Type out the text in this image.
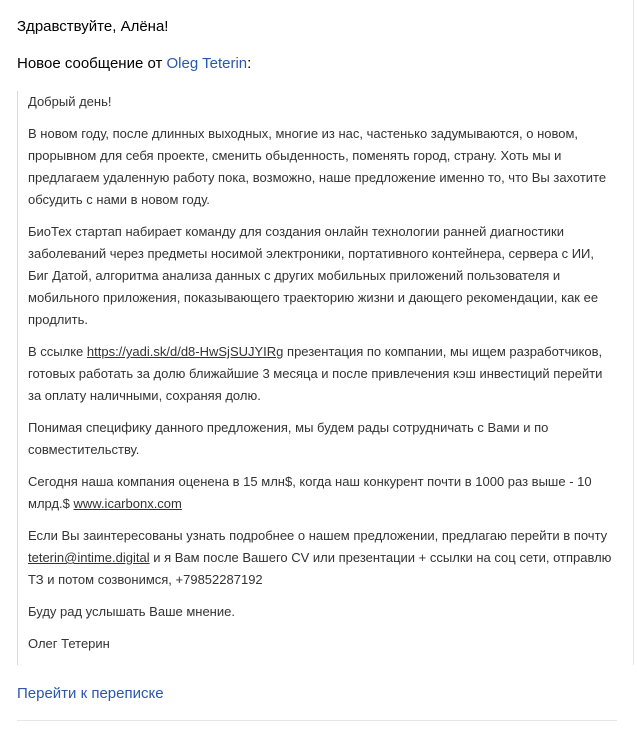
Здравствуйте, Алёна!

Новое сообщение от Oleg Teterin:

Добрый день!

В новом году, после длинных выходных, многие из нас, частенько задумываются, о новом, прорывном для себя проекте, сменить обыденность, поменять город, страну. Хоть мы и предлагаем удаленную работу пока, возможно, наше предложение именно то, что Вы захотите обсудить с нами в новом году.

БиоТех стартап набирает команду для создания онлайн технологии ранней диагностики заболеваний через предметы носимой электроники, портативного контейнера, сервера с ИИ, Биг Датой, алгоритма анализа данных с других мобильных приложений пользователя и мобильного приложения, показывающего траекторию жизни и дающего рекомендации, как ее продлить.

В ссылке https://yadi.sk/d/d8-HwSjSUJYIRg презентация по компании, мы ищем разработчиков, готовых работать за долю ближайшие 3 месяца и после привлечения кэш инвестиций перейти за оплату наличными, сохраняя долю.

Понимая специфику данного предложения, мы будем рады сотрудничать с Вами и по совместительству.

Сегодня наша компания оценена в 15 млн$, когда наш конкурент почти в 1000 раз выше - 10 млрд.$ www.icarbonx.com

Если Вы заинтересованы узнать подробнее о нашем предложении, предлагаю перейти в почту teterin@intime.digital и я Вам после Вашего CV или презентации + ссылки на соц сети, отправлю ТЗ и потом созвонимся, +79852287192

Буду рад услышать Ваше мнение.

Олег Тетерин

Перейти к переписке
